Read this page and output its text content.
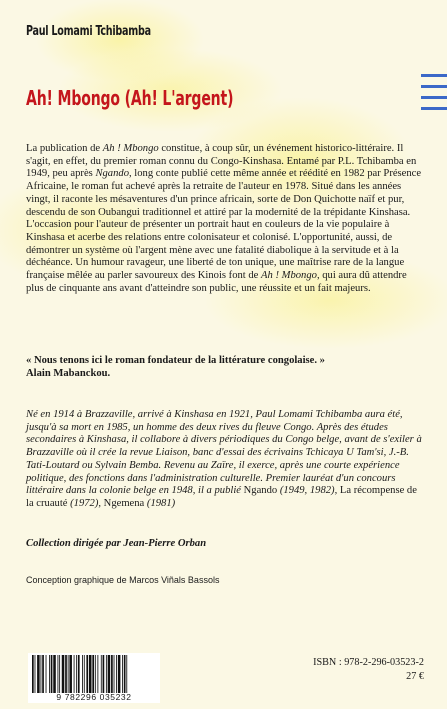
Paul Lomami Tchibamba
Ah! Mbongo (Ah! L'argent)

La publication de Ah ! Mbongo constitue, à coup sûr, un événement historico-littéraire. Il s'agit, en effet, du premier roman connu du Congo-Kinshasa. Entamé par P.L. Tchibamba en 1949, peu après Ngando, long conte publié cette même année et réédité en 1982 par Présence Africaine, le roman fut achevé après la retraite de l'auteur en 1978. Situé dans les années vingt, il raconte les mésaventures d'un prince africain, sorte de Don Quichotte naïf et pur, descendu de son Oubangui traditionnel et attiré par la modernité de la trépidante Kinshasa. L'occasion pour l'auteur de présenter un portrait haut en couleurs de la vie populaire à Kinshasa et acerbe des relations entre colonisateur et colonisé. L'opportunité, aussi, de démontrer un système où l'argent mène avec une fatalité diabolique à la servitude et à la déchéance. Un humour ravageur, une liberté de ton unique, une maîtrise rare de la langue française mêlée au parler savoureux des Kinois font de Ah ! Mbongo, qui aura dû attendre plus de cinquante ans avant d'atteindre son public, une réussite et un fait majeurs.

« Nous tenons ici le roman fondateur de la littérature congolaise. »

Alain Mabanckou.

Né en 1914 à Brazzaville, arrivé à Kinshasa en 1921, Paul Lomami Tchibamba aura été, jusqu'à sa mort en 1985, un homme des deux rives du fleuve Congo. Après des études secondaires à Kinshasa, il collabore à divers périodiques du Congo belge, avant de s'exiler à Brazzaville où il crée la revue Liaison, banc d'essai des écrivains Tchicaya U Tam'si, J.-B. Tati-Loutard ou Sylvain Bemba. Revenu au Zaïre, il exerce, après une courte expérience politique, des fonctions dans l'administration culturelle. Premier lauréat d'un concours littéraire dans la colonie belge en 1948, il a publié Ngando (1949, 1982), La récompense de la cruauté (1972), Ngemena (1981)

Collection dirigée par Jean-Pierre Orban
Conception graphique de Marcos Viñals Bassols
9 782296 035232
ISBN : 978-2-296-03523-2
27 €
